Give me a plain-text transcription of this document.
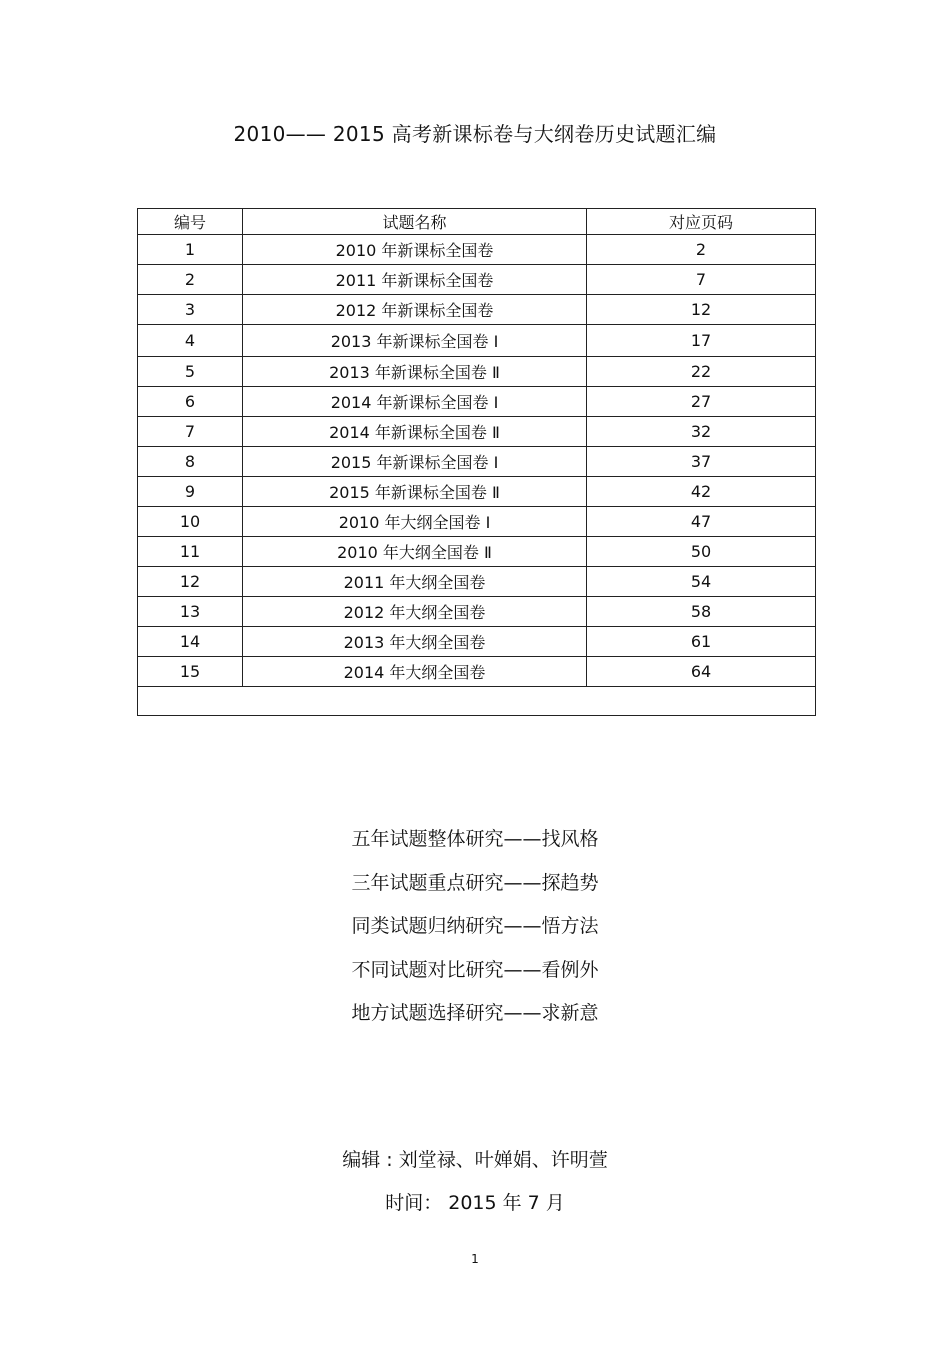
2010—— 2015 高考新课标卷与大纲卷历史试题汇编
编号	试题名称	对应页码
1	2010 年新课标全国卷	2
2	2011 年新课标全国卷	7
3	2012 年新课标全国卷	12
4	2013 年新课标全国卷 Ⅰ	17
5	2013 年新课标全国卷 Ⅱ	22
6	2014 年新课标全国卷 Ⅰ	27
7	2014 年新课标全国卷 Ⅱ	32
8	2015 年新课标全国卷 Ⅰ	37
9	2015 年新课标全国卷 Ⅱ	42
10	2010 年大纲全国卷 Ⅰ	47
11	2010 年大纲全国卷 Ⅱ	50
12	2011 年大纲全国卷	54
13	2012 年大纲全国卷	58
14	2013 年大纲全国卷	61
15	2014 年大纲全国卷	64

五年试题整体研究——找风格
三年试题重点研究——探趋势
同类试题归纳研究——悟方法
不同试题对比研究——看例外
地方试题选择研究——求新意
编辑 : 刘堂禄、叶婵娟、许明萱
时间： 2015 年 7 月
1
